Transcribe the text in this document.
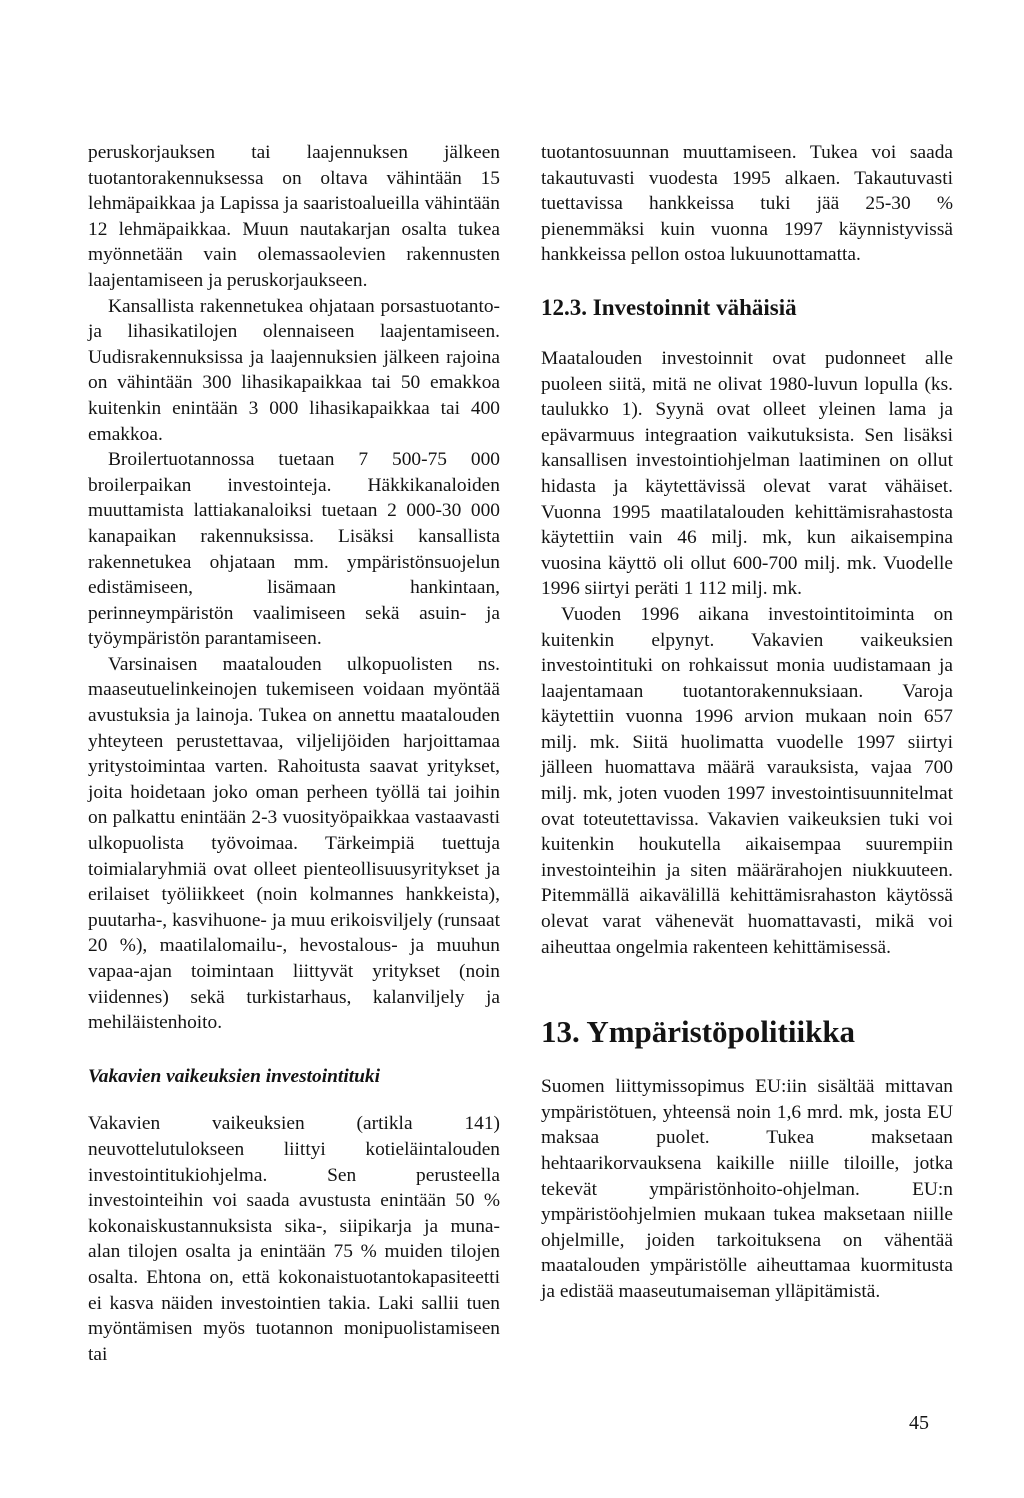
peruskorjauksen tai laajennuksen jälkeen tuotantorakennuksessa on oltava vähintään 15 lehmäpaikkaa ja Lapissa ja saaristoalueilla vähintään 12 lehmäpaikkaa. Muun nautakarjan osalta tukea myönnetään vain olemassaolevien rakennusten laajentamiseen ja peruskorjaukseen.

Kansallista rakennetukea ohjataan porsastuotanto- ja lihasikatilojen olennaiseen laajentamiseen. Uudisrakennuksissa ja laajennuksien jälkeen rajoina on vähintään 300 lihasikapaikkaa tai 50 emakkoa kuitenkin enintään 3 000 lihasikapaikkaa tai 400 emakkoa.

Broilertuotannossa tuetaan 7 500-75 000 broilerpaikan investointeja. Häkkikanaloiden muuttamista lattiakanaloiksi tuetaan 2 000-30 000 kanapaikan rakennuksissa. Lisäksi kansallista rakennetukea ohjataan mm. ympäristönsuojelun edistämiseen, lisämaan hankintaan, perinneympäristön vaalimiseen sekä asuin- ja työympäristön parantamiseen.

Varsinaisen maatalouden ulkopuolisten ns. maaseutuelinkeinojen tukemiseen voidaan myöntää avustuksia ja lainoja. Tukea on annettu maatalouden yhteyteen perustettavaa, viljelijöiden harjoittamaa yritystoimintaa varten. Rahoitusta saavat yritykset, joita hoidetaan joko oman perheen työllä tai joihin on palkattu enintään 2-3 vuosityöpaikkaa vastaavasti ulkopuolista työvoimaa. Tärkeimpiä tuettuja toimialaryhmiä ovat olleet pienteollisuusyritykset ja erilaiset työliikkeet (noin kolmannes hankkeista), puutarha-, kasvihuone- ja muu erikoisviljely (runsaat 20 %), maatilalomailu-, hevostalous- ja muuhun vapaa-ajan toimintaan liittyvät yritykset (noin viidennes) sekä turkistarhaus, kalanviljely ja mehiläistenhoito.

Vakavien vaikeuksien investointituki

Vakavien vaikeuksien (artikla 141) neuvottelutulokseen liittyi kotieläintalouden investointitukiohjelma. Sen perusteella investointeihin voi saada avustusta enintään 50 % kokonaiskustannuksista sika-, siipikarja ja muna-alan tilojen osalta ja enintään 75 % muiden tilojen osalta. Ehtona on, että kokonaistuotantokapasiteetti ei kasva näiden investointien takia. Laki sallii tuen myöntämisen myös tuotannon monipuolistamiseen tai

tuotantosuunnan muuttamiseen. Tukea voi saada takautuvasti vuodesta 1995 alkaen. Takautuvasti tuettavissa hankkeissa tuki jää 25-30 % pienemmäksi kuin vuonna 1997 käynnistyvissä hankkeissa pellon ostoa lukuunottamatta.

12.3. Investoinnit vähäisiä

Maatalouden investoinnit ovat pudonneet alle puoleen siitä, mitä ne olivat 1980-luvun lopulla (ks. taulukko 1). Syynä ovat olleet yleinen lama ja epävarmuus integraation vaikutuksista. Sen lisäksi kansallisen investointiohjelman laatiminen on ollut hidasta ja käytettävissä olevat varat vähäiset. Vuonna 1995 maatilatalouden kehittämisrahastosta käytettiin vain 46 milj. mk, kun aikaisempina vuosina käyttö oli ollut 600-700 milj. mk. Vuodelle 1996 siirtyi peräti 1 112 milj. mk.

Vuoden 1996 aikana investointitoiminta on kuitenkin elpynyt. Vakavien vaikeuksien investointituki on rohkaissut monia uudistamaan ja laajentamaan tuotantorakennuksiaan. Varoja käytettiin vuonna 1996 arvion mukaan noin 657 milj. mk. Siitä huolimatta vuodelle 1997 siirtyi jälleen huomattava määrä varauksista, vajaa 700 milj. mk, joten vuoden 1997 investointisuunnitelmat ovat toteutettavissa. Vakavien vaikeuksien tuki voi kuitenkin houkutella aikaisempaa suurempiin investointeihin ja siten määrärahojen niukkuuteen. Pitemmällä aikavälillä kehittämisrahaston käytössä olevat varat vähenevät huomattavasti, mikä voi aiheuttaa ongelmia rakenteen kehittämisessä.

13. Ympäristöpolitiikka

Suomen liittymissopimus EU:iin sisältää mittavan ympäristötuen, yhteensä noin 1,6 mrd. mk, josta EU maksaa puolet. Tukea maksetaan hehtaarikorvauksena kaikille niille tiloille, jotka tekevät ympäristönhoito-ohjelman. EU:n ympäristöohjelmien mukaan tukea maksetaan niille ohjelmille, joiden tarkoituksena on vähentää maatalouden ympäristölle aiheuttamaa kuormitusta ja edistää maaseutumaiseman ylläpitämistä.

45
